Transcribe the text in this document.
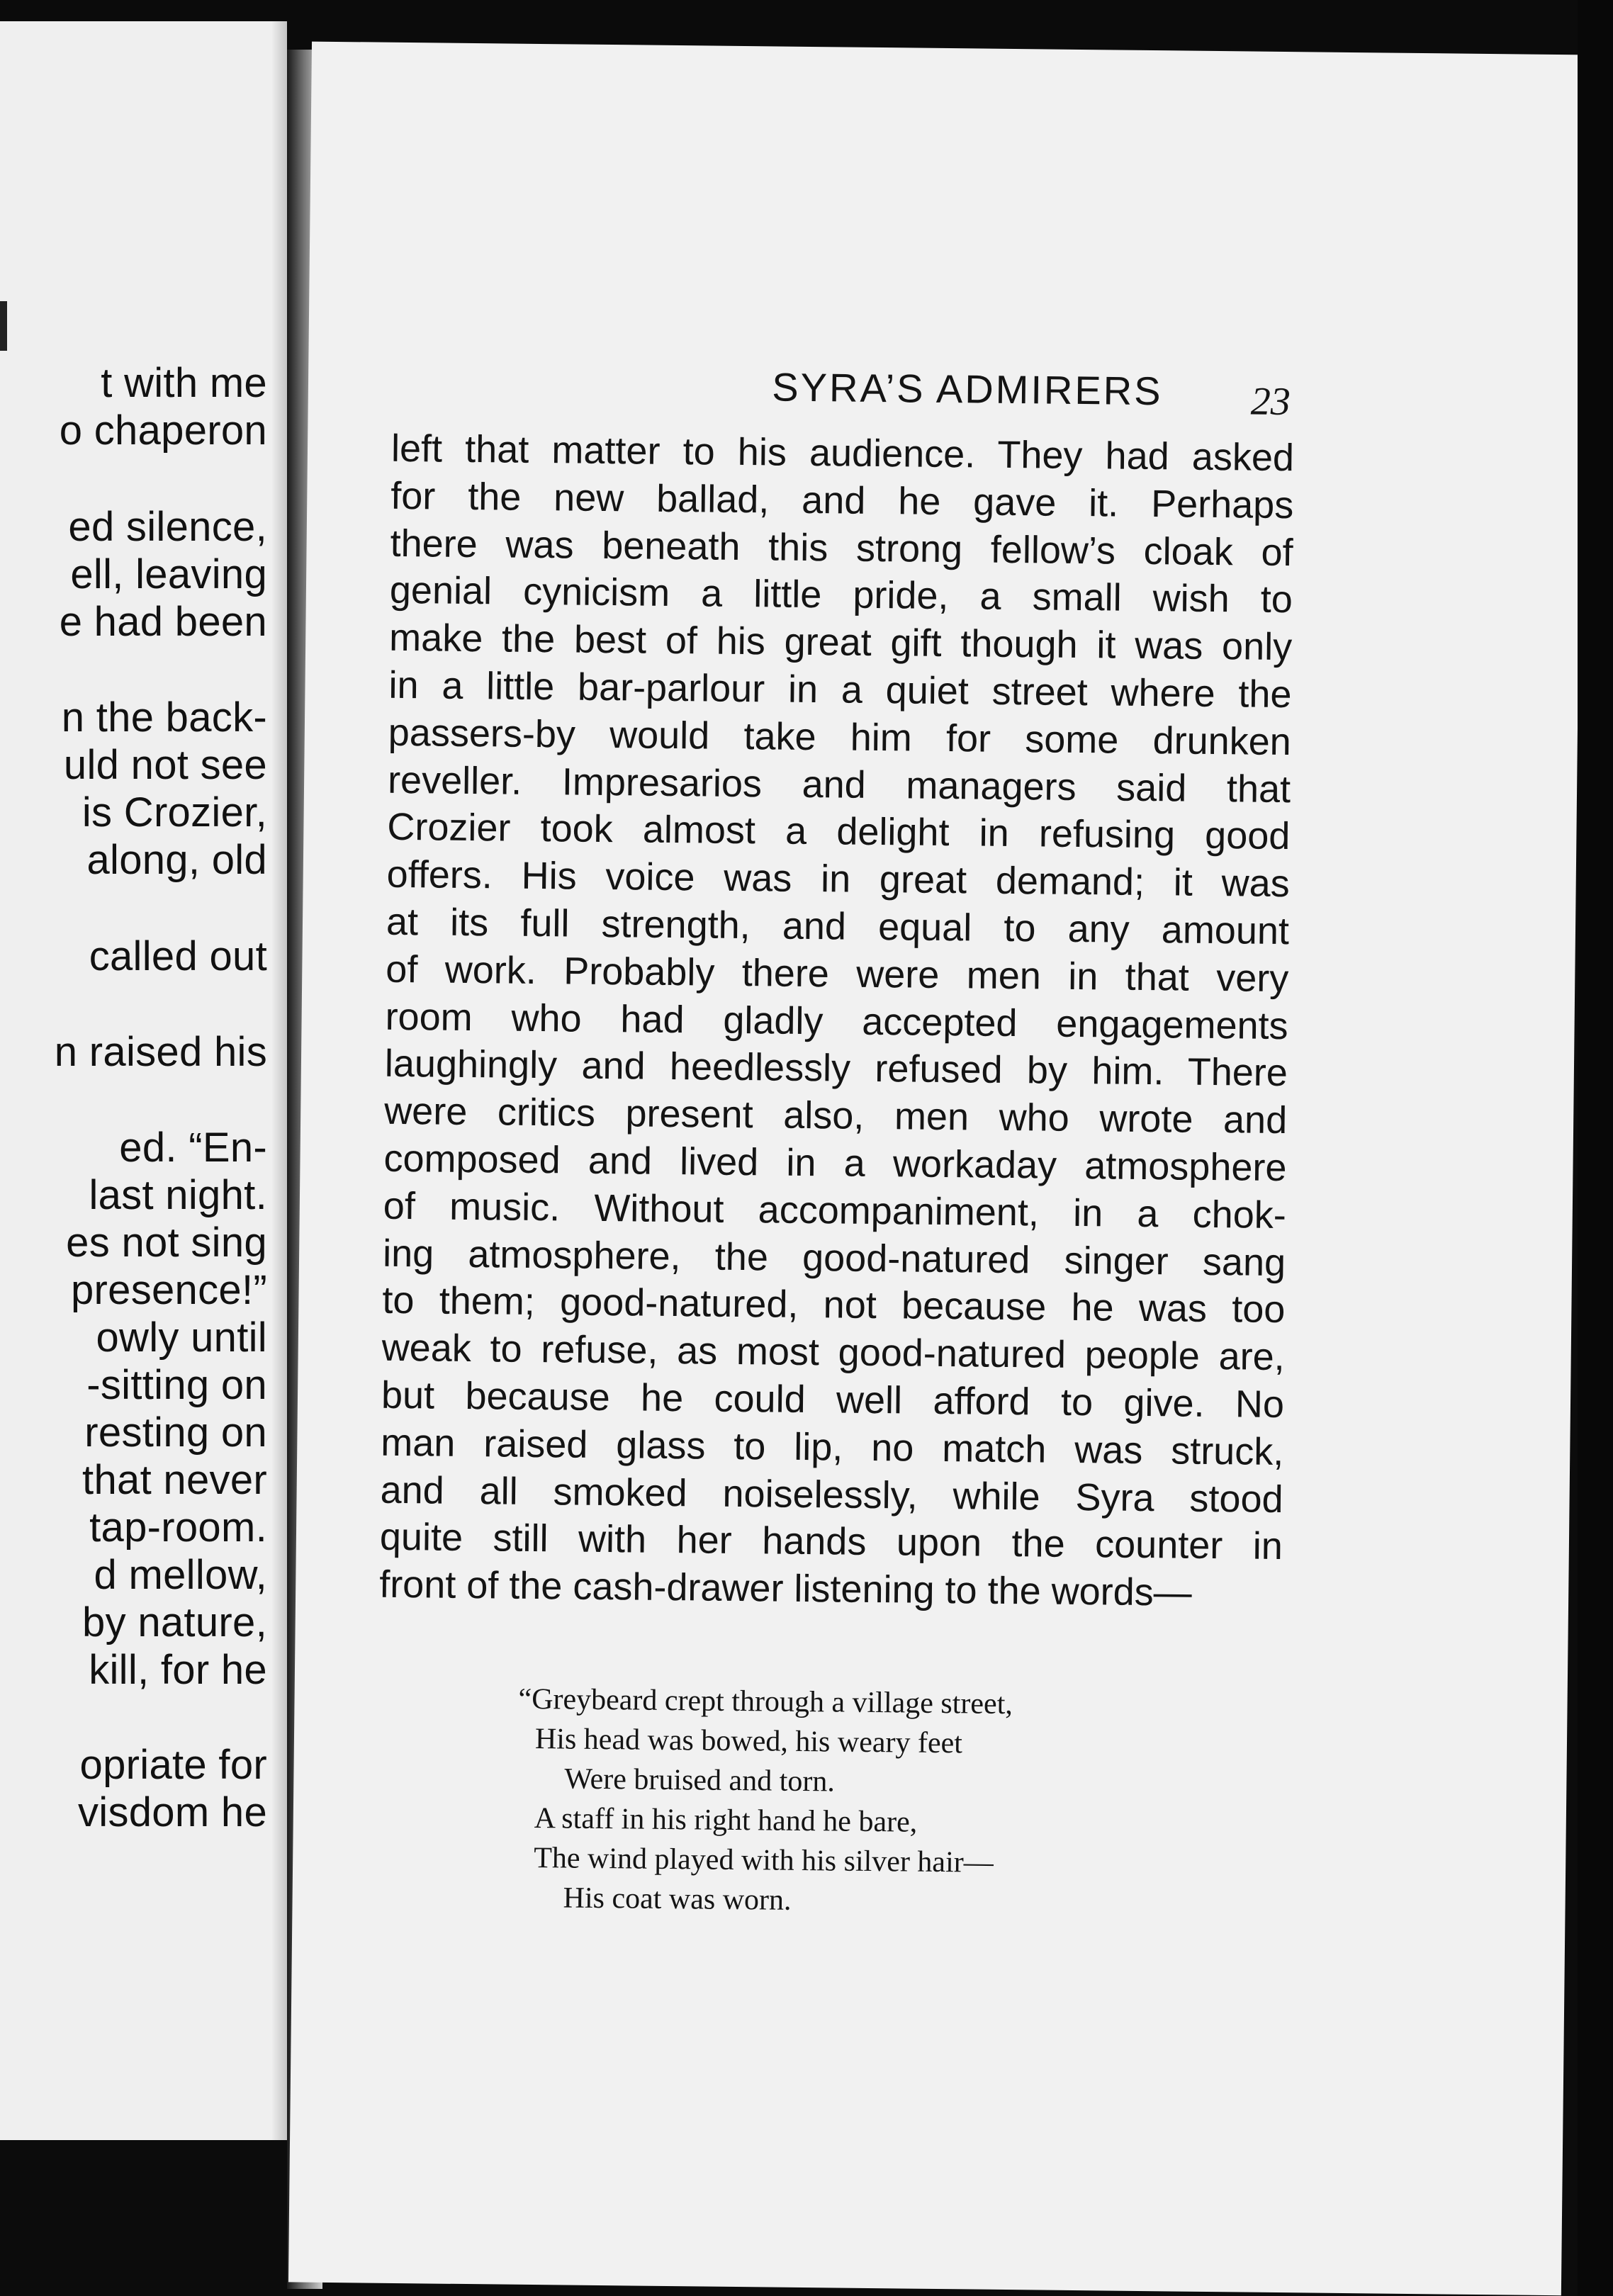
t with me
o chaperon
ed silence,
ell, leaving
e had been
n the back-
uld not see
is Crozier,
along, old
called out
n raised his
ed. “En-
last night.
es not sing
presence!”
owly until
-sitting on
resting on
that never
tap-room.
d mellow,
by nature,
kill, for he
opriate for
visdom he
SYRA’S ADMIRERS 23
left that matter to his audience. They had asked
for the new ballad, and he gave it. Perhaps
there was beneath this strong fellow’s cloak of
genial cynicism a little pride, a small wish to
make the best of his great gift though it was only
in a little bar-parlour in a quiet street where the
passers-by would take him for some drunken
reveller. Impresarios and managers said that
Crozier took almost a delight in refusing good
offers. His voice was in great demand; it was
at its full strength, and equal to any amount
of work. Probably there were men in that very
room who had gladly accepted engagements
laughingly and heedlessly refused by him. There
were critics present also, men who wrote and
composed and lived in a workaday atmosphere
of music. Without accompaniment, in a chok-
ing atmosphere, the good-natured singer sang
to them; good-natured, not because he was too
weak to refuse, as most good-natured people are,
but because he could well afford to give. No
man raised glass to lip, no match was struck,
and all smoked noiselessly, while Syra stood
quite still with her hands upon the counter in
front of the cash-drawer listening to the words—
“Greybeard crept through a village street,
His head was bowed, his weary feet
Were bruised and torn.
A staff in his right hand he bare,
The wind played with his silver hair—
His coat was worn.
